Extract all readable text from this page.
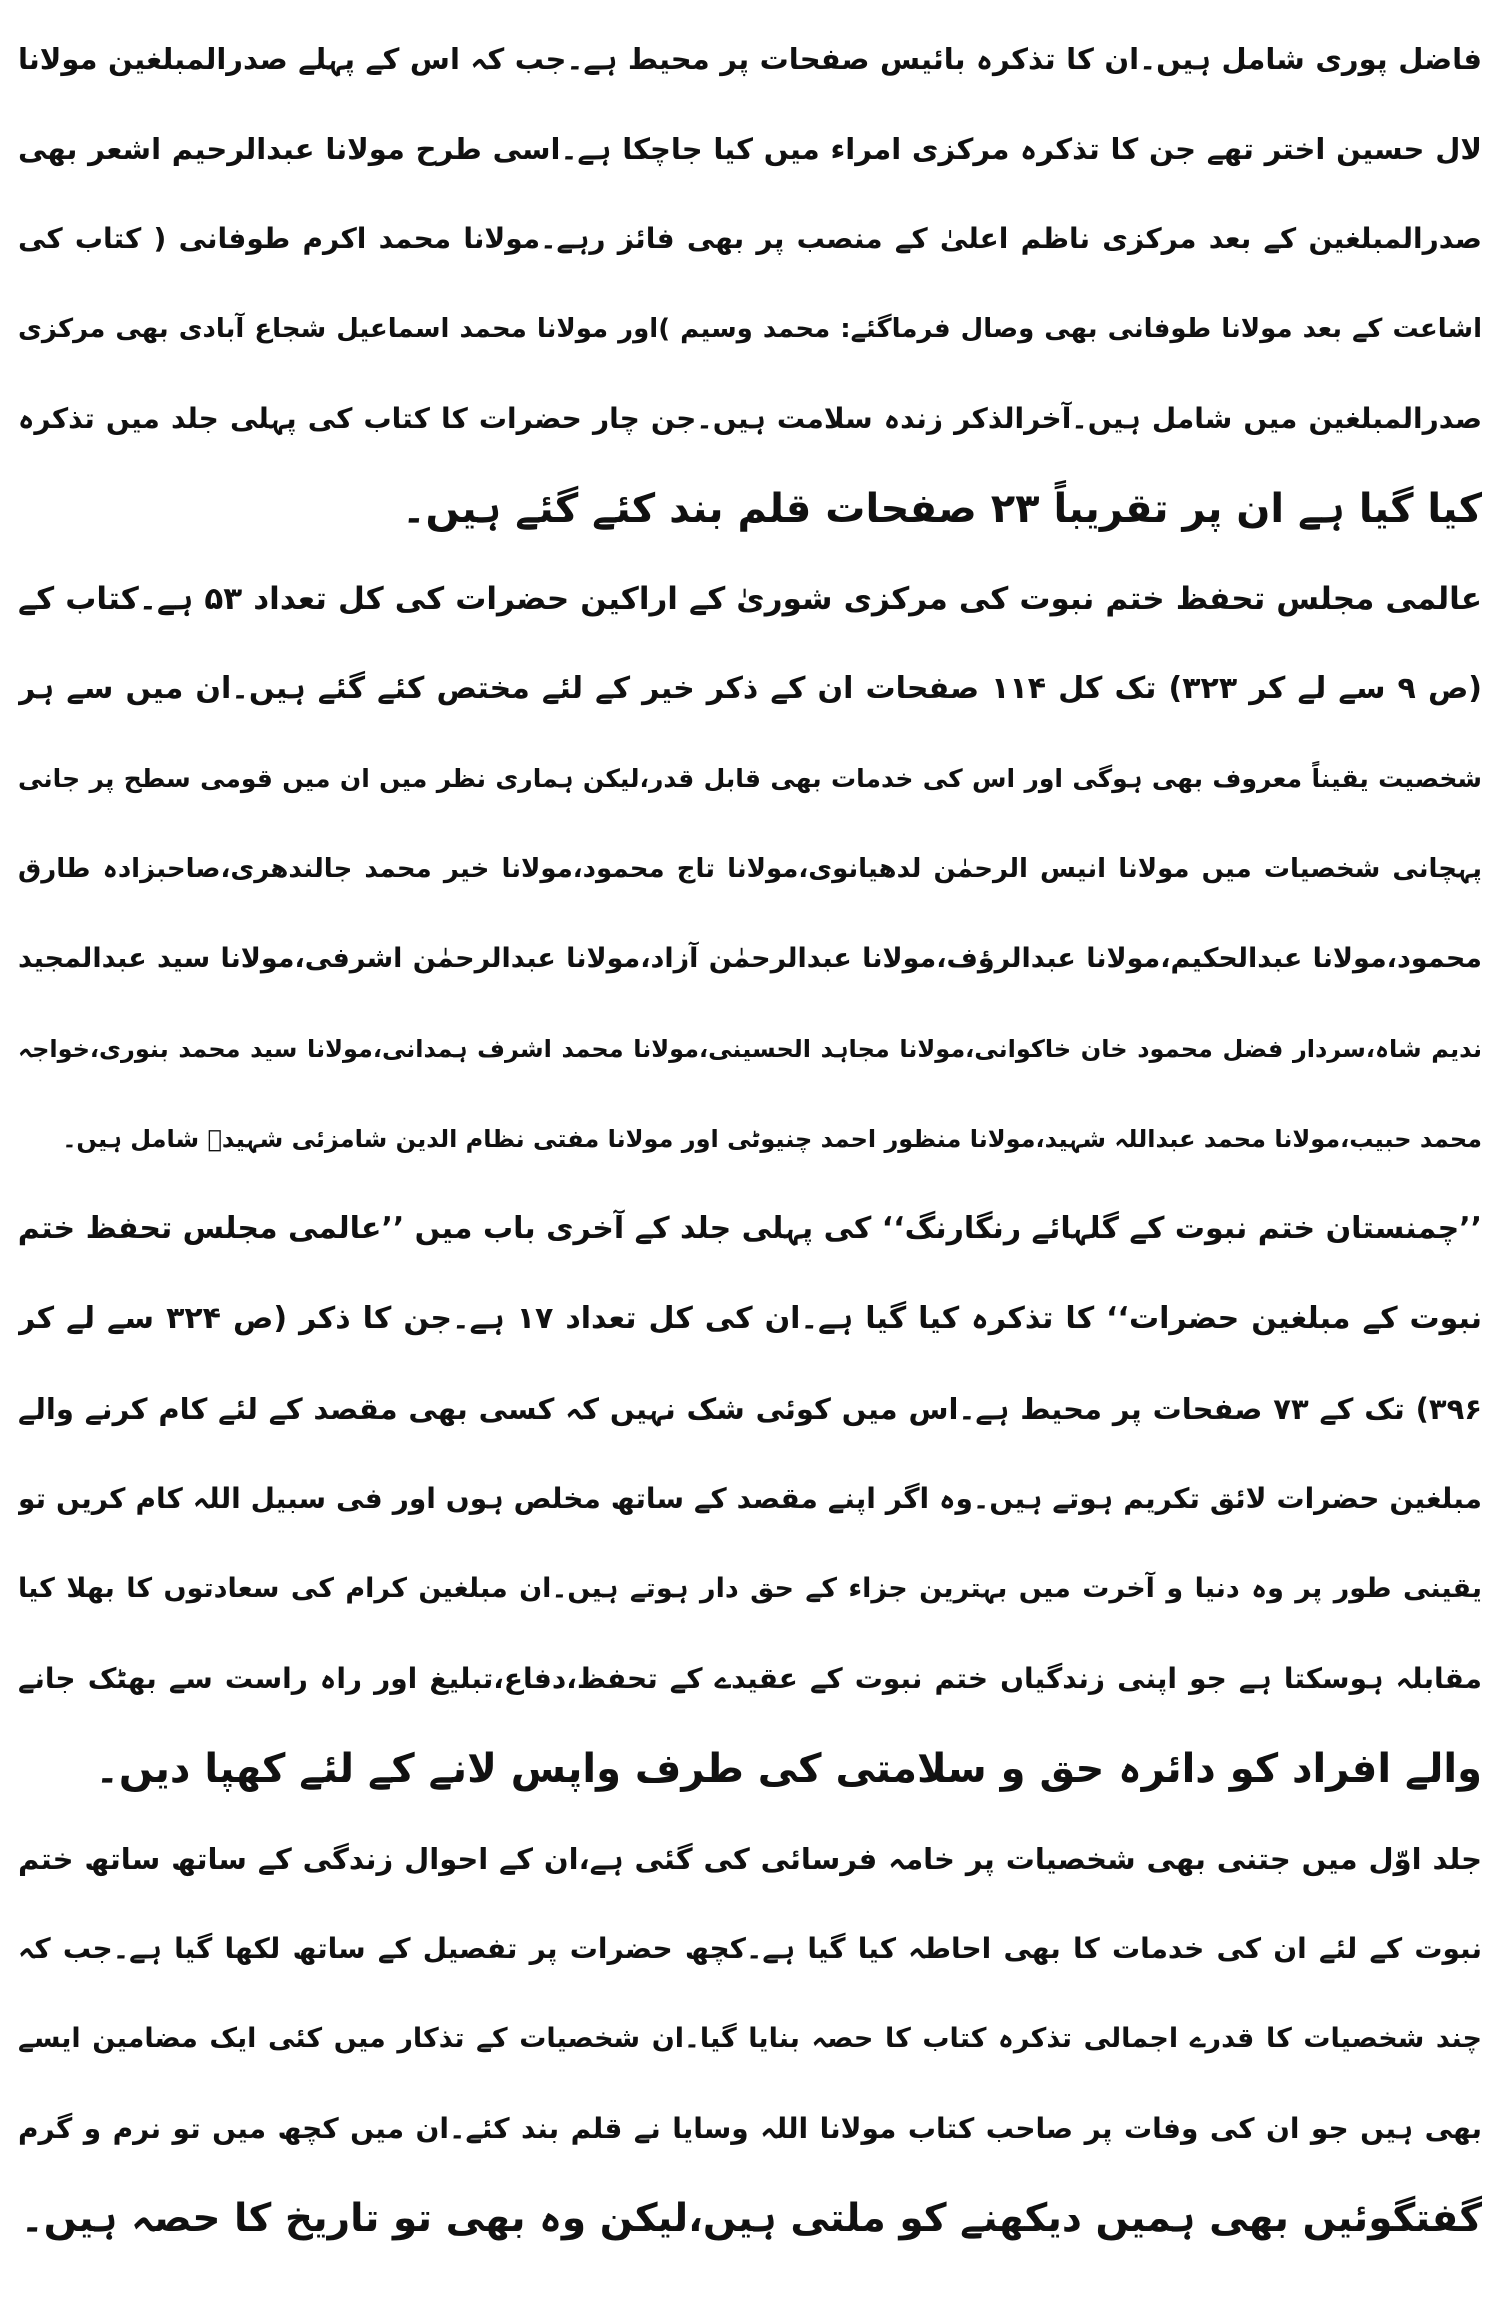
فاضل پوری شامل ہیں۔ان کا تذکرہ بائیس صفحات پر محیط ہے۔جب کہ اس کے پہلے صدرالمبلغین مولانا
لال حسین اختر تھے جن کا تذکرہ مرکزی امراء میں کیا جاچکا ہے۔اسی طرح مولانا عبدالرحیم اشعر بھی
صدرالمبلغین کے بعد مرکزی ناظم اعلیٰ کے منصب پر بھی فائز رہے۔مولانا محمد اکرم طوفانی ( کتاب کی
اشاعت کے بعد مولانا طوفانی بھی وصال فرماگئے: محمد وسیم )اور مولانا محمد اسماعیل شجاع آبادی بھی مرکزی
صدرالمبلغین میں شامل ہیں۔آخرالذکر زندہ سلامت ہیں۔جن چار حضرات کا کتاب کی پہلی جلد میں تذکرہ
کیا گیا ہے ان پر تقریباً ۲۳ صفحات قلم بند کئے گئے ہیں۔
عالمی مجلس تحفظ ختم نبوت کی مرکزی شوریٰ کے اراکین حضرات کی کل تعداد ۵۳ ہے۔کتاب کے
(ص ۹ سے لے کر ۳۲۳) تک کل ۱۱۴ صفحات ان کے ذکر خیر کے لئے مختص کئے گئے ہیں۔ان میں سے ہر
شخصیت یقیناً معروف بھی ہوگی اور اس کی خدمات بھی قابل قدر،لیکن ہماری نظر میں ان میں قومی سطح پر جانی
پہچانی شخصیات میں مولانا انیس الرحمٰن لدھیانوی،مولانا تاج محمود،مولانا خیر محمد جالندھری،صاحبزادہ طارق
محمود،مولانا عبدالحکیم،مولانا عبدالرؤف،مولانا عبدالرحمٰن آزاد،مولانا عبدالرحمٰن اشرفی،مولانا سید عبدالمجید
ندیم شاہ،سردار فضل محمود خان خاکوانی،مولانا مجاہد الحسینی،مولانا محمد اشرف ہمدانی،مولانا سید محمد بنوری،خواجہ
محمد حبیب،مولانا محمد عبداللہ شہید،مولانا منظور احمد چنیوٹی اور مولانا مفتی نظام الدین شامزئی شہیدؒ شامل ہیں۔
’’چمنستان ختم نبوت کے گلہائے رنگارنگ‘‘ کی پہلی جلد کے آخری باب میں ’’عالمی مجلس تحفظ ختم
نبوت کے مبلغین حضرات‘‘ کا تذکرہ کیا گیا ہے۔ان کی کل تعداد ۱۷ ہے۔جن کا ذکر (ص ۳۲۴ سے لے کر
۳۹۶) تک کے ۷۳ صفحات پر محیط ہے۔اس میں کوئی شک نہیں کہ کسی بھی مقصد کے لئے کام کرنے والے
مبلغین حضرات لائق تکریم ہوتے ہیں۔وہ اگر اپنے مقصد کے ساتھ مخلص ہوں اور فی سبیل اللہ کام کریں تو
یقینی طور پر وہ دنیا و آخرت میں بہترین جزاء کے حق دار ہوتے ہیں۔ان مبلغین کرام کی سعادتوں کا بھلا کیا
مقابلہ ہوسکتا ہے جو اپنی زندگیاں ختم نبوت کے عقیدے کے تحفظ،دفاع،تبلیغ اور راہ راست سے بھٹک جانے
والے افراد کو دائرہ حق و سلامتی کی طرف واپس لانے کے لئے کھپا دیں۔
جلد اوّل میں جتنی بھی شخصیات پر خامہ فرسائی کی گئی ہے،ان کے احوال زندگی کے ساتھ ساتھ ختم
نبوت کے لئے ان کی خدمات کا بھی احاطہ کیا گیا ہے۔کچھ حضرات پر تفصیل کے ساتھ لکھا گیا ہے۔جب کہ
چند شخصیات کا قدرے اجمالی تذکرہ کتاب کا حصہ بنایا گیا۔ان شخصیات کے تذکار میں کئی ایک مضامین ایسے
بھی ہیں جو ان کی وفات پر صاحب کتاب مولانا اللہ وسایا نے قلم بند کئے۔ان میں کچھ میں تو نرم و گرم
گفتگوئیں بھی ہمیں دیکھنے کو ملتی ہیں،لیکن وہ بھی تو تاریخ کا حصہ ہیں۔
